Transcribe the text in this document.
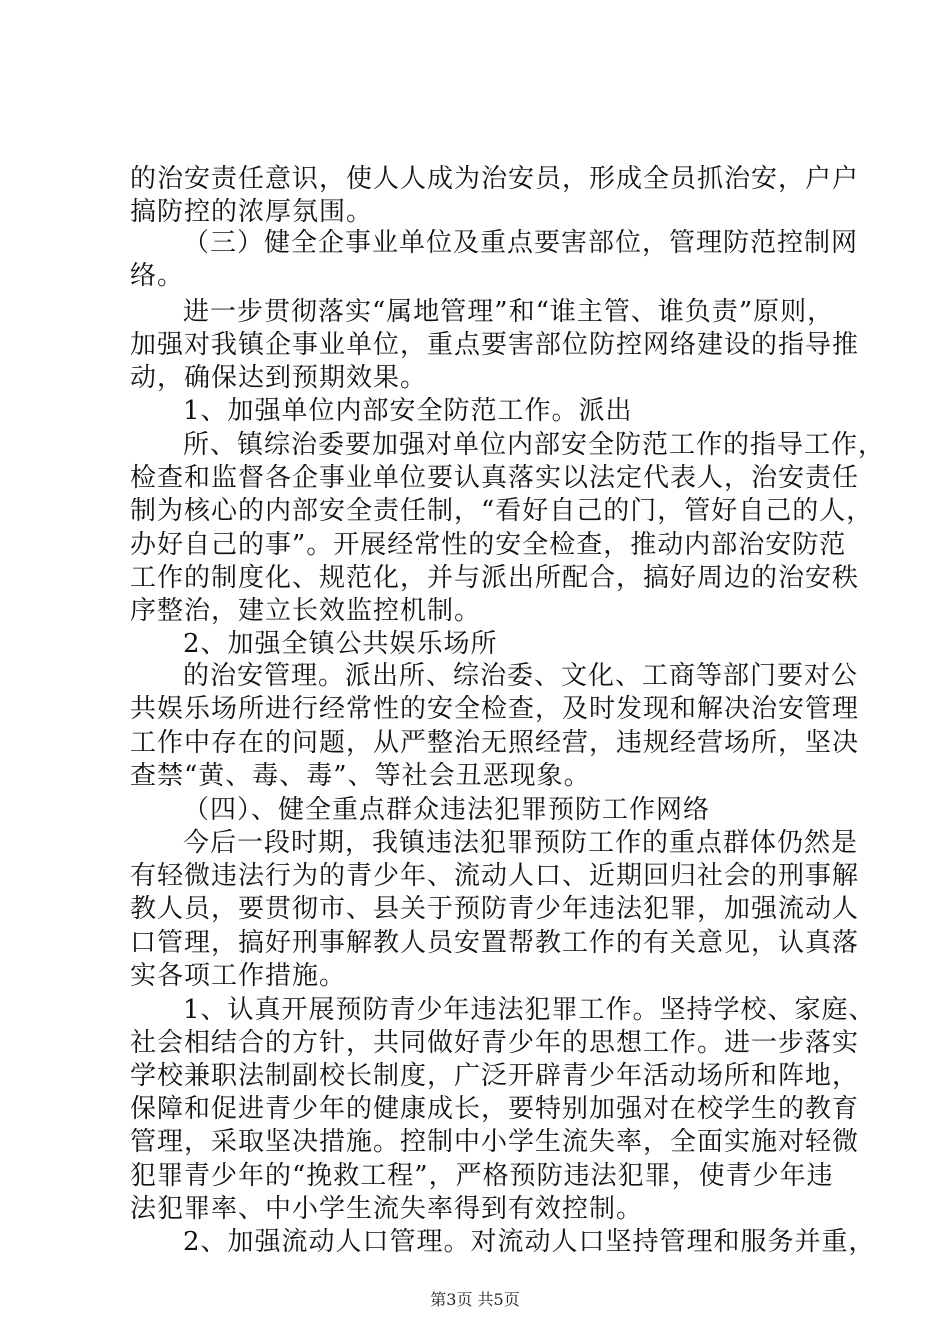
的治安责任意识，使人人成为治安员，形成全员抓治安，户户
搞防控的浓厚氛围。
（三）健全企事业单位及重点要害部位，管理防范控制网
络。
进一步贯彻落实“属地管理”和“谁主管、谁负责”原则，
加强对我镇企事业单位，重点要害部位防控网络建设的指导推
动，确保达到预期效果。
1、加强单位内部安全防范工作。派出
所、镇综治委要加强对单位内部安全防范工作的指导工作，
检查和监督各企事业单位要认真落实以法定代表人，治安责任
制为核心的内部安全责任制，“看好自己的门，管好自己的人，
办好自己的事”。开展经常性的安全检查，推动内部治安防范
工作的制度化、规范化，并与派出所配合，搞好周边的治安秩
序整治，建立长效监控机制。
2、加强全镇公共娱乐场所
的治安管理。派出所、综治委、文化、工商等部门要对公
共娱乐场所进行经常性的安全检查，及时发现和解决治安管理
工作中存在的问题，从严整治无照经营，违规经营场所，坚决
查禁“黄、毒、毒”、等社会丑恶现象。
（四）、健全重点群众违法犯罪预防工作网络
今后一段时期，我镇违法犯罪预防工作的重点群体仍然是
有轻微违法行为的青少年、流动人口、近期回归社会的刑事解
教人员，要贯彻市、县关于预防青少年违法犯罪，加强流动人
口管理，搞好刑事解教人员安置帮教工作的有关意见，认真落
实各项工作措施。
1、认真开展预防青少年违法犯罪工作。坚持学校、家庭、
社会相结合的方针，共同做好青少年的思想工作。进一步落实
学校兼职法制副校长制度，广泛开辟青少年活动场所和阵地，
保障和促进青少年的健康成长，要特别加强对在校学生的教育
管理，采取坚决措施。控制中小学生流失率，全面实施对轻微
犯罪青少年的“挽救工程”，严格预防违法犯罪，使青少年违
法犯罪率、中小学生流失率得到有效控制。
2、加强流动人口管理。对流动人口坚持管理和服务并重，
第3页 共5页
